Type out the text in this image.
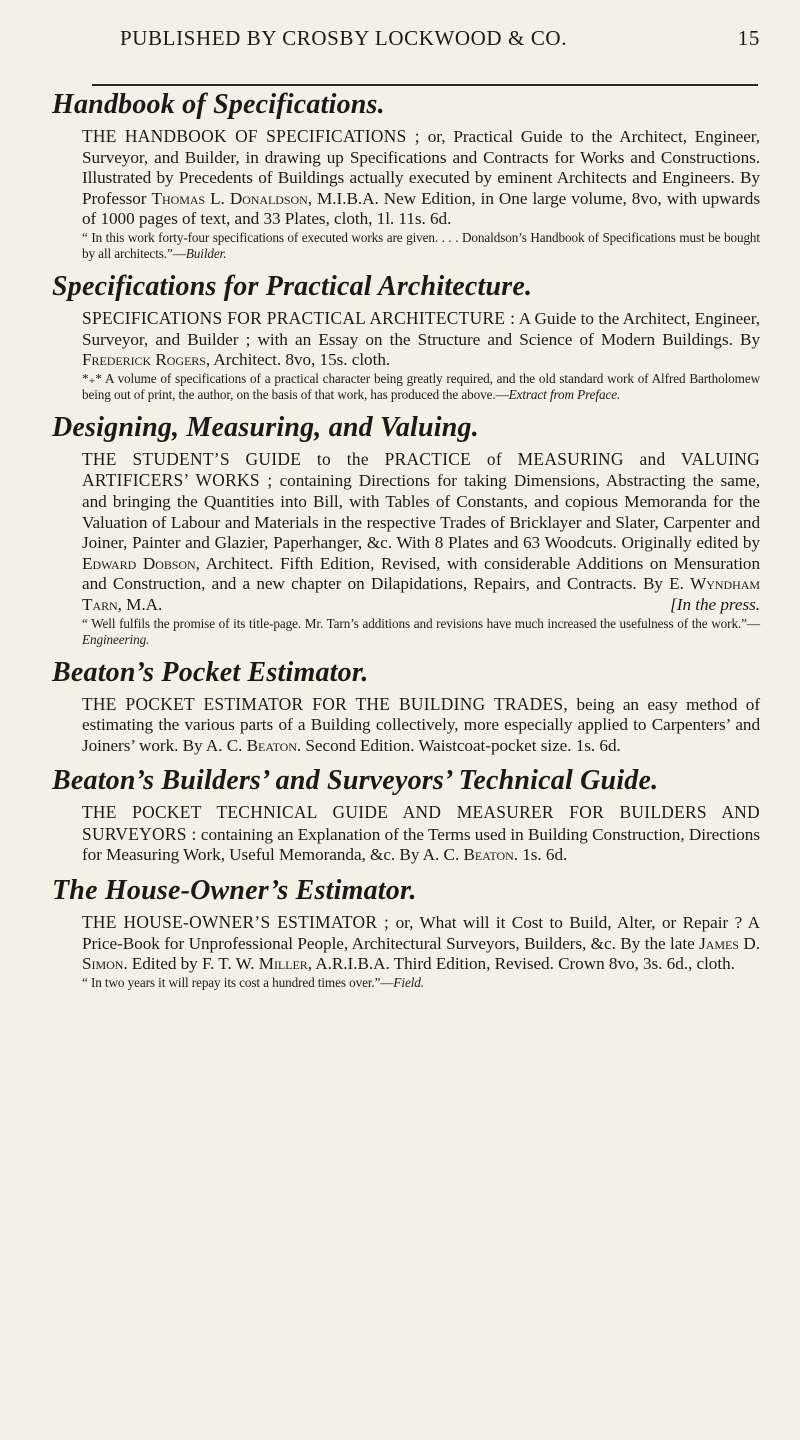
PUBLISHED BY CROSBY LOCKWOOD & CO.	15
Handbook of Specifications.
THE HANDBOOK OF SPECIFICATIONS ; or, Practical Guide to the Architect, Engineer, Surveyor, and Builder, in drawing up Specifications and Contracts for Works and Constructions. Illustrated by Precedents of Buildings actually executed by eminent Architects and Engineers. By Professor Thomas L. Donaldson, M.I.B.A. New Edition, in One large volume, 8vo, with upwards of 1000 pages of text, and 33 Plates, cloth, 1l. 11s. 6d.
“ In this work forty-four specifications of executed works are given. . . . Donaldson’s Handbook of Specifications must be bought by all architects.”—Builder.
Specifications for Practical Architecture.
SPECIFICATIONS FOR PRACTICAL ARCHITECTURE : A Guide to the Architect, Engineer, Surveyor, and Builder ; with an Essay on the Structure and Science of Modern Buildings. By Frederick Rogers, Architect. 8vo, 15s. cloth.
*₊* A volume of specifications of a practical character being greatly required, and the old standard work of Alfred Bartholomew being out of print, the author, on the basis of that work, has produced the above.—Extract from Preface.
Designing, Measuring, and Valuing.
THE STUDENT’S GUIDE to the PRACTICE of MEASURING and VALUING ARTIFICERS’ WORKS ; containing Directions for taking Dimensions, Abstracting the same, and bringing the Quantities into Bill, with Tables of Constants, and copious Memoranda for the Valuation of Labour and Materials in the respective Trades of Bricklayer and Slater, Carpenter and Joiner, Painter and Glazier, Paperhanger, &c. With 8 Plates and 63 Woodcuts. Originally edited by Edward Dobson, Architect. Fifth Edition, Revised, with considerable Additions on Mensuration and Construction, and a new chapter on Dilapidations, Repairs, and Contracts. By E. Wyndham Tarn, M.A.	[In the press.
“ Well fulfils the promise of its title-page. Mr. Tarn’s additions and revisions have much increased the usefulness of the work.”—Engineering.
Beaton’s Pocket Estimator.
THE POCKET ESTIMATOR FOR THE BUILDING TRADES, being an easy method of estimating the various parts of a Building collectively, more especially applied to Carpenters’ and Joiners’ work. By A. C. Beaton. Second Edition. Waistcoat-pocket size. 1s. 6d.
Beaton’s Builders’ and Surveyors’ Technical Guide.
THE POCKET TECHNICAL GUIDE AND MEASURER FOR BUILDERS AND SURVEYORS : containing an Explanation of the Terms used in Building Construction, Directions for Measuring Work, Useful Memoranda, &c. By A. C. Beaton. 1s. 6d.
The House-Owner’s Estimator.
THE HOUSE-OWNER’S ESTIMATOR ; or, What will it Cost to Build, Alter, or Repair ? A Price-Book for Unprofessional People, Architectural Surveyors, Builders, &c. By the late James D. Simon. Edited by F. T. W. Miller, A.R.I.B.A. Third Edition, Revised. Crown 8vo, 3s. 6d., cloth.
“ In two years it will repay its cost a hundred times over.”—Field.
